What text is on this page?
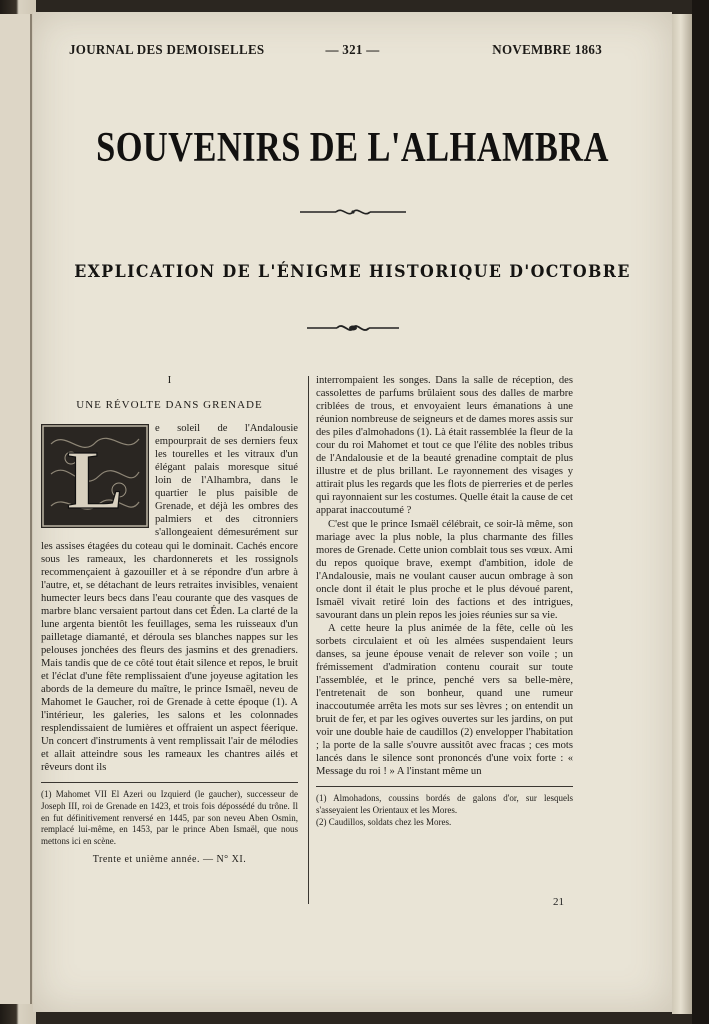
JOURNAL DES DEMOISELLES	— 321 —	NOVEMBRE 1863
SOUVENIRS DE L'ALHAMBRA
EXPLICATION DE L'ÉNIGME HISTORIQUE D'OCTOBRE
I
UNE RÉVOLTE DANS GRENADE
L

e soleil de l'Andalousie empourprait de ses derniers feux les tourelles et les vitraux d'un élégant palais moresque situé loin de l'Alhambra, dans le quartier le plus paisible de Grenade, et déjà les ombres des palmiers et des citronniers s'allongeaient démesurément sur les assises étagées du coteau qui le dominait. Cachés encore sous les rameaux, les chardonnerets et les rossignols recommençaient à gazouiller et à se répondre d'un arbre à l'autre, et, se détachant de leurs retraites invisibles, venaient humecter leurs becs dans l'eau courante que des vasques de marbre blanc versaient partout dans cet Éden. La clarté de la lune argenta bientôt les feuillages, sema les ruisseaux d'un pailletage diamanté, et déroula ses blanches nappes sur les pelouses jonchées des fleurs des jasmins et des grenadiers. Mais tandis que de ce côté tout était silence et repos, le bruit et l'éclat d'une fête remplissaient d'une joyeuse agitation les abords de la demeure du maître, le prince Ismaël, neveu de Mahomet le Gaucher, roi de Grenade à cette époque (1). A l'intérieur, les galeries, les salons et les colonnades resplendissaient de lumières et offraient un aspect féerique. Un concert d'instruments à vent remplissait l'air de mélodies et allait atteindre sous les rameaux les chantres ailés et rêveurs dont ils

(1) Mahomet VII El Azeri ou Izquierd (le gaucher), successeur de Joseph III, roi de Grenade en 1423, et trois fois dépossédé du trône. Il en fut définitivement renversé en 1445, par son neveu Aben Osmin, remplacé lui-même, en 1453, par le prince Aben Ismaël, que nous mettons ici en scène.

Trente et unième année. — N° XI.

interrompaient les songes. Dans la salle de réception, des cassolettes de parfums brûlaient sous des dalles de marbre criblées de trous, et envoyaient leurs émanations à une réunion nombreuse de seigneurs et de dames mores assis sur des piles d'almohadons (1). Là était rassemblée la fleur de la cour du roi Mahomet et tout ce que l'élite des nobles tribus de l'Andalousie et de la beauté grenadine comptait de plus illustre et de plus brillant. Le rayonnement des visages y attirait plus les regards que les flots de pierreries et de perles qui rayonnaient sur les costumes. Quelle était la cause de cet apparat inaccoutumé ?

C'est que le prince Ismaël célébrait, ce soir-là même, son mariage avec la plus noble, la plus charmante des filles mores de Grenade. Cette union comblait tous ses vœux. Ami du repos quoique brave, exempt d'ambition, idole de l'Andalousie, mais ne voulant causer aucun ombrage à son oncle dont il était le plus proche et le plus dévoué parent, Ismaël vivait retiré loin des factions et des intrigues, savourant dans un plein repos les joies réunies sur sa vie.

A cette heure la plus animée de la fête, celle où les sorbets circulaient et où les almées suspendaient leurs danses, sa jeune épouse venait de relever son voile ; un frémissement d'admiration contenu courait sur toute l'assemblée, et le prince, penché vers sa belle-mère, l'entretenait de son bonheur, quand une rumeur inaccoutumée arrêta les mots sur ses lèvres ; on entendit un bruit de fer, et par les ogives ouvertes sur les jardins, on put voir une double haie de caudillos (2) envelopper l'habitation ; la porte de la salle s'ouvre aussitôt avec fracas ; ces mots lancés dans le silence sont prononcés d'une voix forte : « Message du roi ! » A l'instant même un

(1) Almohadons, coussins bordés de galons d'or, sur lesquels s'asseyaient les Orientaux et les Mores.

(2) Caudillos, soldats chez les Mores.

21
